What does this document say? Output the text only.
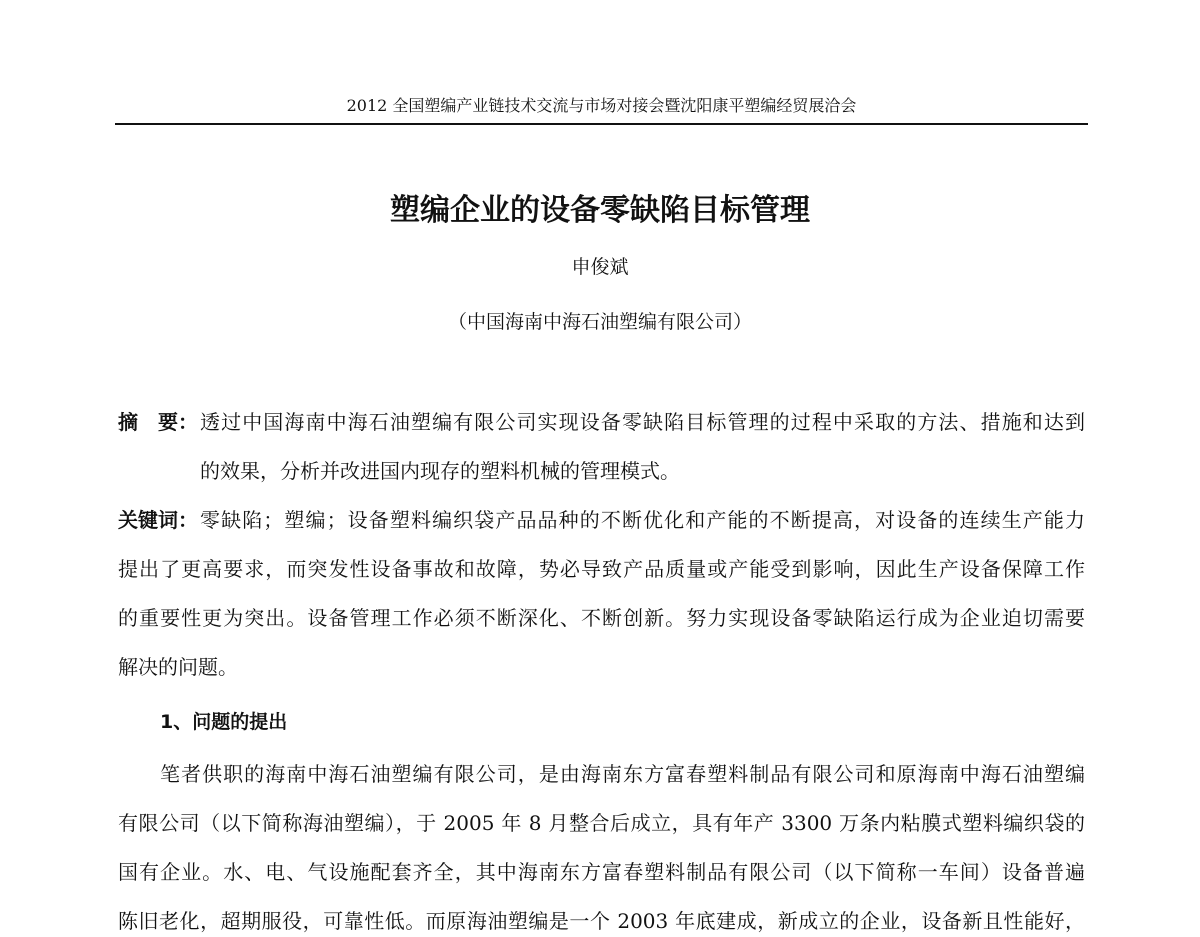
2012 全国塑编产业链技术交流与市场对接会暨沈阳康平塑编经贸展洽会
塑编企业的设备零缺陷目标管理
申俊斌
（中国海南中海石油塑编有限公司）
摘　要： 透过中国海南中海石油塑编有限公司实现设备零缺陷目标管理的过程中采取的方法、措施和达到
的效果，分析并改进国内现存的塑料机械的管理模式。
关键词： 零缺陷；塑编；设备塑料编织袋产品品种的不断优化和产能的不断提高，对设备的连续生产能力
提出了更高要求，而突发性设备事故和故障，势必导致产品质量或产能受到影响，因此生产设备保障工作
的重要性更为突出。设备管理工作必须不断深化、不断创新。努力实现设备零缺陷运行成为企业迫切需要
解决的问题。
1、问题的提出
笔者供职的海南中海石油塑编有限公司，是由海南东方富春塑料制品有限公司和原海南中海石油塑编
有限公司（以下简称海油塑编），于 2005 年 8 月整合后成立，具有年产 3300 万条内粘膜式塑料编织袋的
国有企业。水、电、气设施配套齐全，其中海南东方富春塑料制品有限公司（以下简称一车间）设备普遍
陈旧老化，超期服役，可靠性低。而原海油塑编是一个 2003 年底建成，新成立的企业，设备新且性能好，
